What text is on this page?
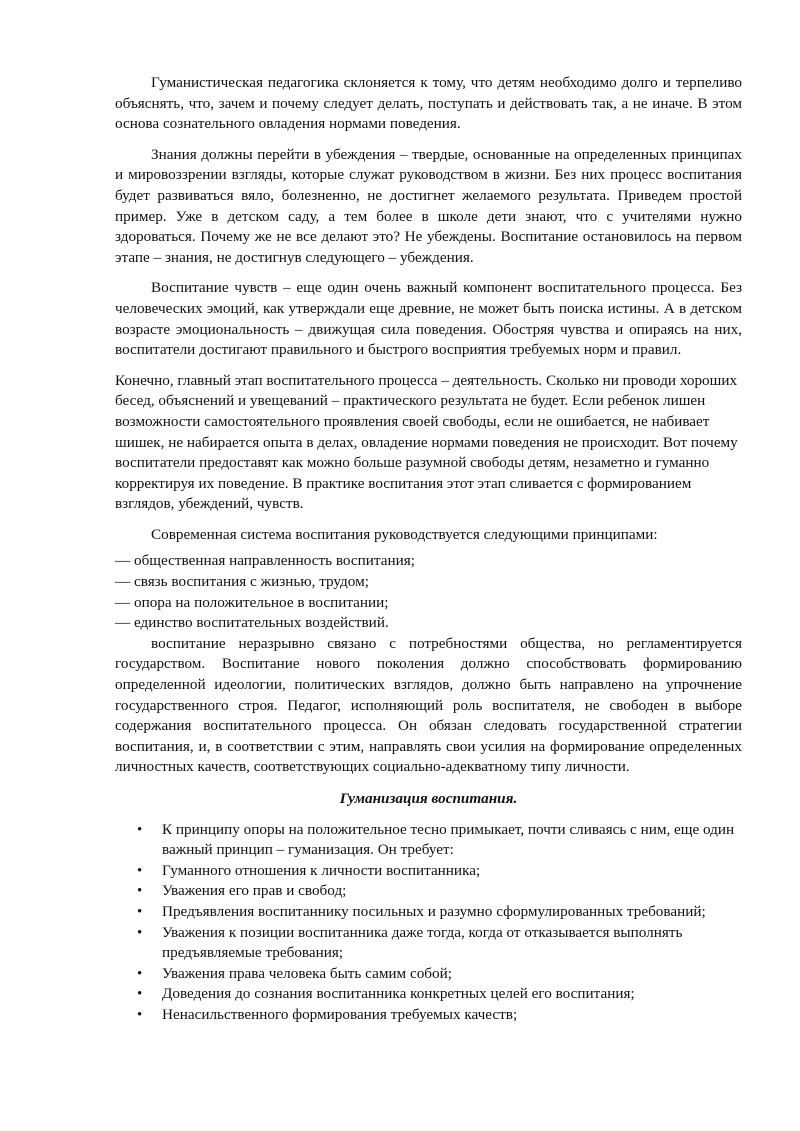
Гуманистическая педагогика склоняется к тому, что детям необходимо долго и терпеливо объяснять, что, зачем и почему следует делать, поступать и действовать так, а не иначе. В этом основа сознательного овладения нормами поведения.

Знания должны перейти в убеждения – твердые, основанные на определенных принципах и мировоззрении взгляды, которые служат руководством в жизни. Без них процесс воспитания будет развиваться вяло, болезненно, не достигнет желаемого результата. Приведем простой пример. Уже в детском саду, а тем более в школе дети знают, что с учителями нужно здороваться. Почему же не все делают это? Не убеждены. Воспитание остановилось на первом этапе – знания, не достигнув следующего – убеждения.

Воспитание чувств – еще один очень важный компонент воспитательного процесса. Без человеческих эмоций, как утверждали еще древние, не может быть поиска истины. А в детском возрасте эмоциональность – движущая сила поведения. Обостряя чувства и опираясь на них, воспитатели достигают правильного и быстрого восприятия требуемых норм и правил.

Конечно, главный этап воспитательного процесса – деятельность. Сколько ни проводи хороших бесед, объяснений и увещеваний – практического результата не будет. Если ребенок лишен возможности самостоятельного проявления своей свободы, если не ошибается, не набивает шишек, не набирается опыта в делах, овладение нормами поведения не происходит. Вот почему воспитатели предоставят как можно больше разумной свободы детям, незаметно и гуманно корректируя их поведение. В практике воспитания этот этап сливается с формированием взглядов, убеждений, чувств.

Современная система воспитания руководствуется следующими принципами:

— общественная направленность воспитания;
— связь воспитания с жизнью, трудом;
— опора на положительное в воспитании;
— единство воспитательных воздействий.

воспитание неразрывно связано с потребностями общества, но регламентируется государством. Воспитание нового поколения должно способствовать формированию определенной идеологии, политических взглядов, должно быть направлено на упрочнение государственного строя. Педагог, исполняющий роль воспитателя, не свободен в выборе содержания воспитательного процесса. Он обязан следовать государственной стратегии воспитания, и, в соответствии с этим, направлять свои усилия на формирование определенных личностных качеств, соответствующих социально-адекватному типу личности.

Гуманизация воспитания.

• К принципу опоры на положительное тесно примыкает, почти сливаясь с ним, еще один важный принцип – гуманизация. Он требует:
• Гуманного отношения к личности воспитанника;
• Уважения его прав и свобод;
• Предъявления воспитаннику посильных и разумно сформулированных требований;
• Уважения к позиции воспитанника даже тогда, когда от отказывается выполнять предъявляемые требования;
• Уважения права человека быть самим собой;
• Доведения до сознания воспитанника конкретных целей его воспитания;
• Ненасильственного формирования требуемых качеств;
